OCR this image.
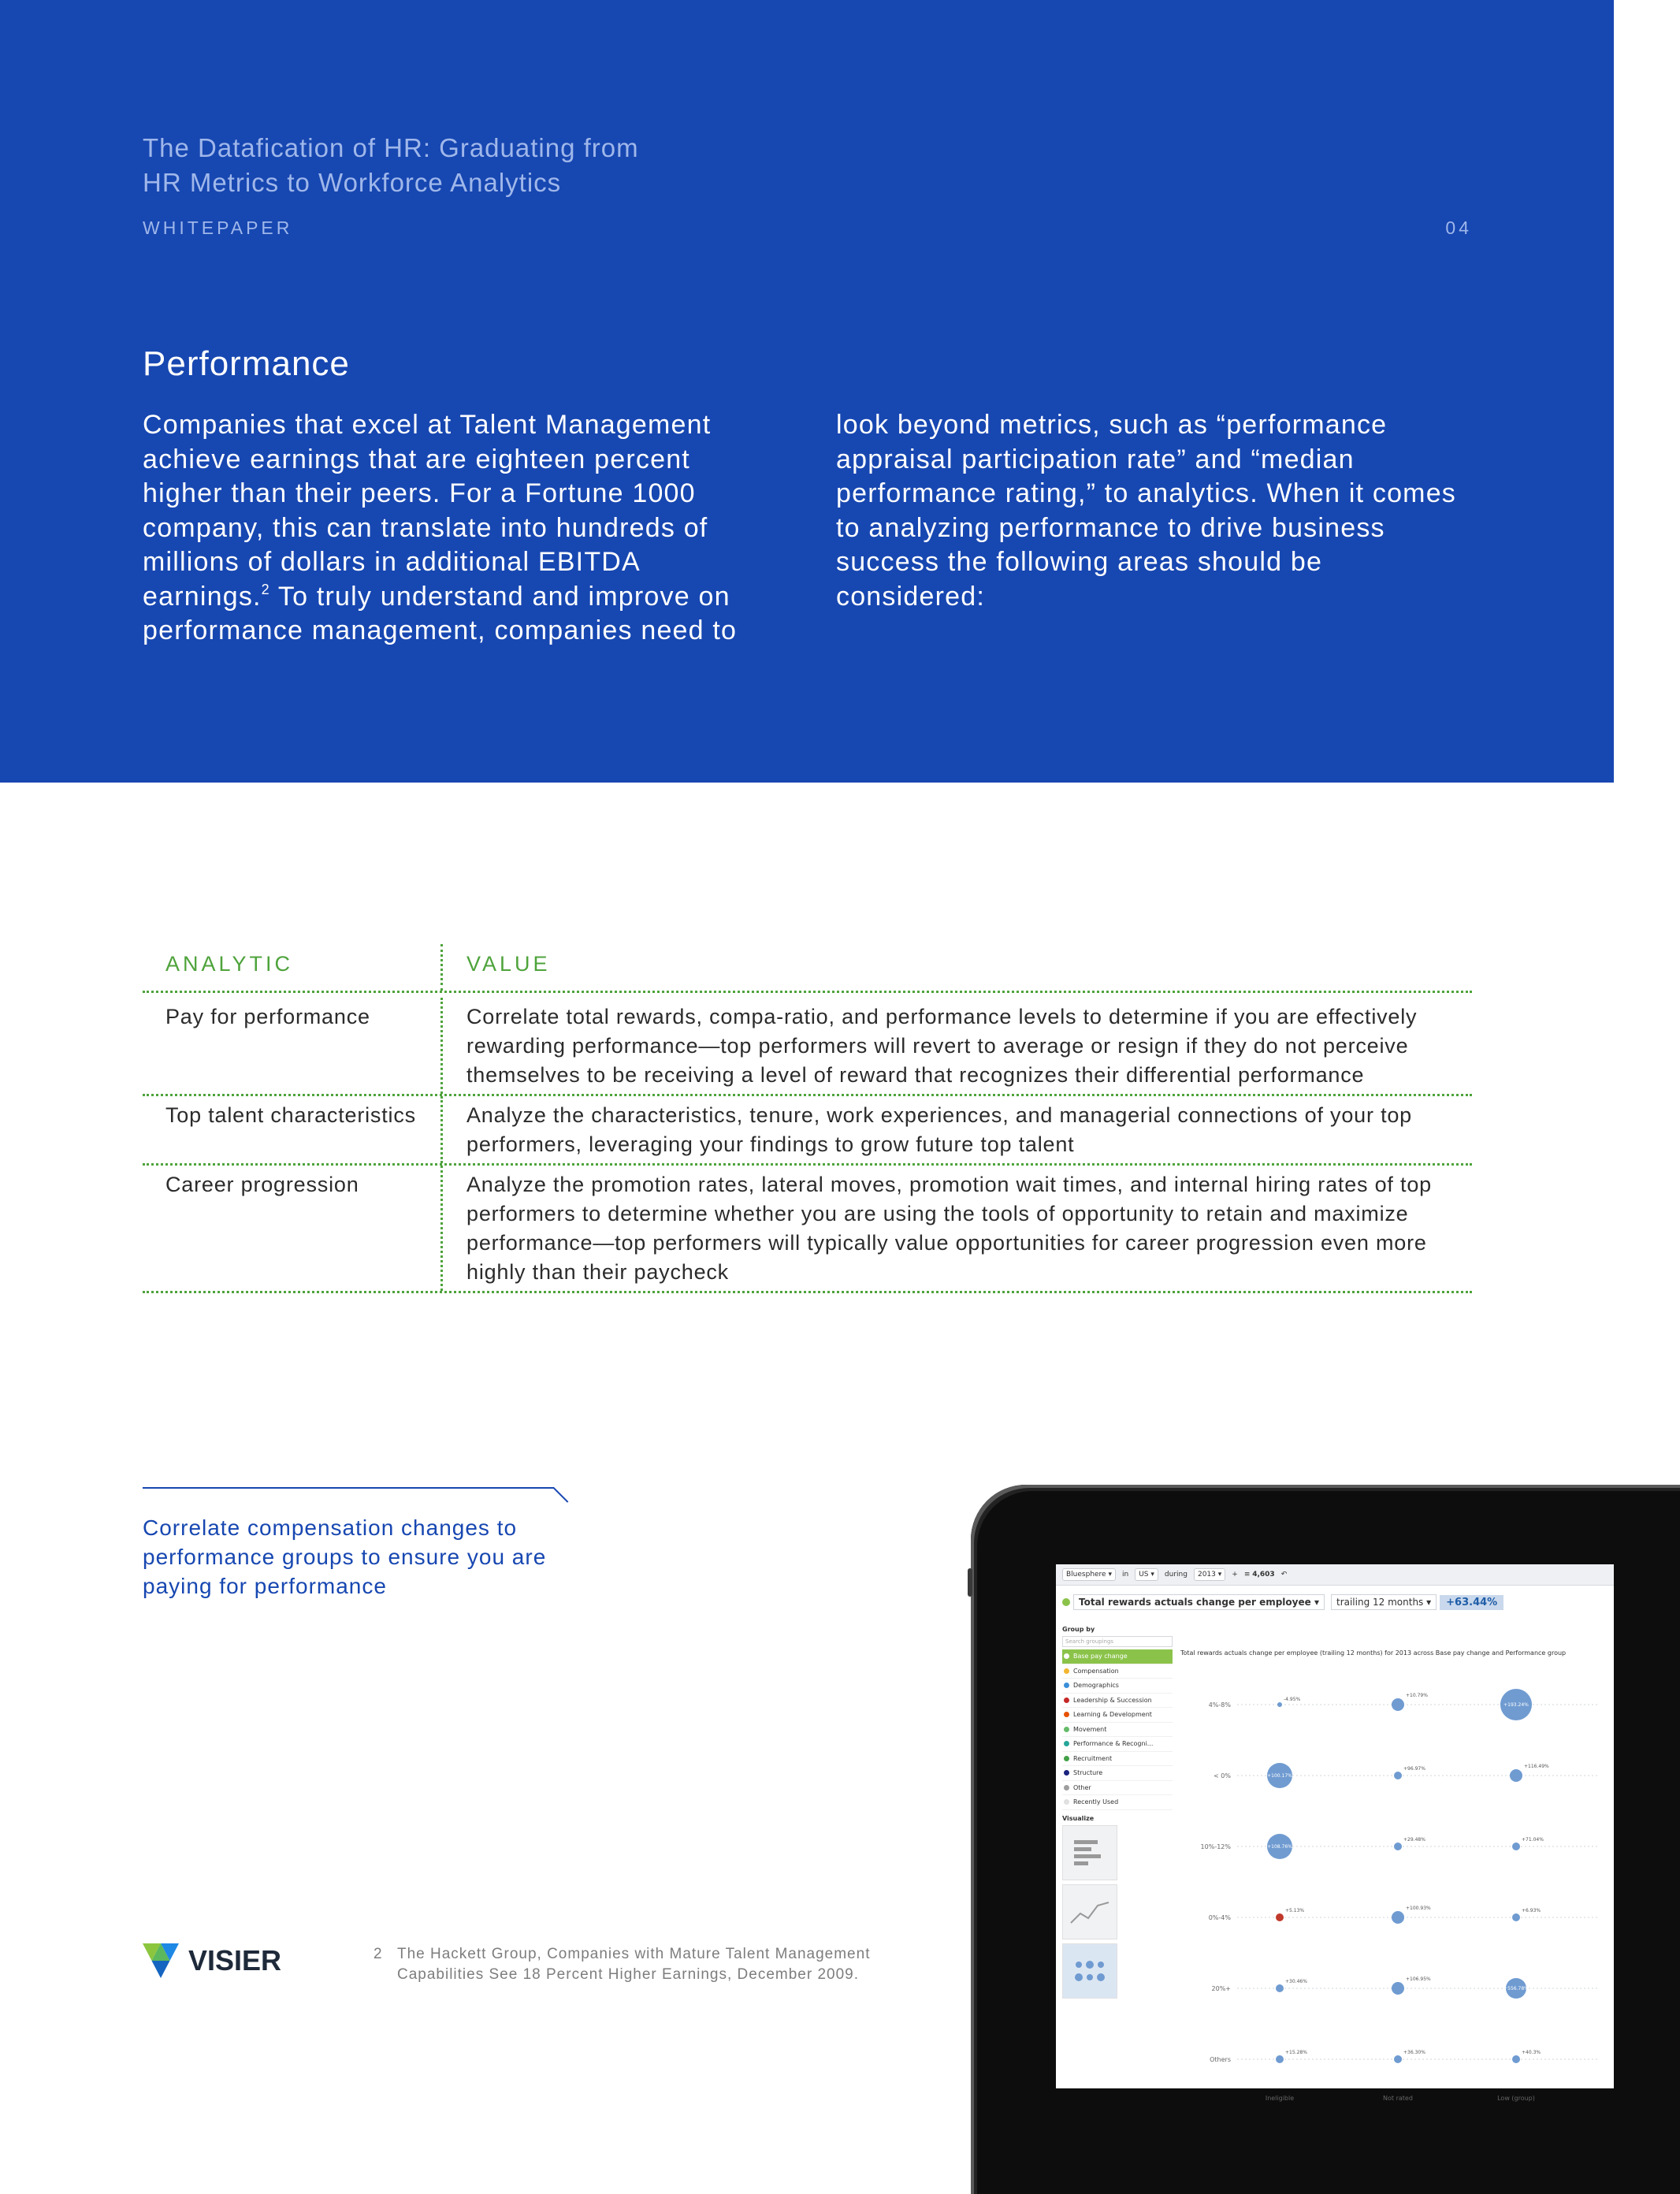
The Datafication of HR: Graduating from
HR Metrics to Workforce Analytics
WHITEPAPER	04
Performance
Companies that excel at Talent Management achieve earnings that are eighteen percent higher than their peers. For a Fortune 1000 company, this can translate into hundreds of millions of dollars in additional EBITDA earnings.$^2$ To truly understand and improve on performance management, companies need to
look beyond metrics, such as “performance appraisal participation rate” and “median performance rating,” to analytics. When it comes to analyzing performance to drive business success the following areas should be considered:
ANALYTIC	VALUE
Pay for performance	Correlate total rewards, compa-ratio, and performance levels to determine if you are effectively rewarding performance—top performers will revert to average or resign if they do not perceive themselves to be receiving a level of reward that recognizes their differential performance
Top talent characteristics	Analyze the characteristics, tenure, work experiences, and managerial connections of your top performers, leveraging your findings to grow future top talent
Career progression	Analyze the promotion rates, lateral moves, promotion wait times, and internal hiring rates of top performers to determine whether you are using the tools of opportunity to retain and maximize performance—top performers will typically value opportunities for career progression even more highly than their paycheck
Correlate compensation changes to performance groups to ensure you are paying for performance
VISIER	2 The Hackett Group, Companies with Mature Talent Management Capabilities See 18 Percent Higher Earnings, December 2009.
Bluesphere ▾	in	US ▾	during	2013 ▾	+ ≡ 4,603 ↶
Total rewards actuals change per employee ▾	trailing 12 months ▾	+63.44%
Group by
Search groupings
Base pay change
Compensation
Demographics
Leadership & Succession
Learning & Development
Movement
Performance & Recogni...
Recruitment
Structure
Other
Recently Used
Visualize

Total rewards actuals change per employee (trailing 12 months) for 2013 across Base pay change and Performance group
4%-8%
< 0%
10%-12%
0%-4%
20%+
Others
Ineligible	Not rated	Low (group)
-4.95%
+10.79%
+193.24%
+100.17%
+96.97%	+116.49%
+108.76%
+29.48%	+71.04%
+5.13%	+100.93%	+6.93%
+30.46%	+106.95%
+556.78%
+15.28%	+36.30%	+40.3%
